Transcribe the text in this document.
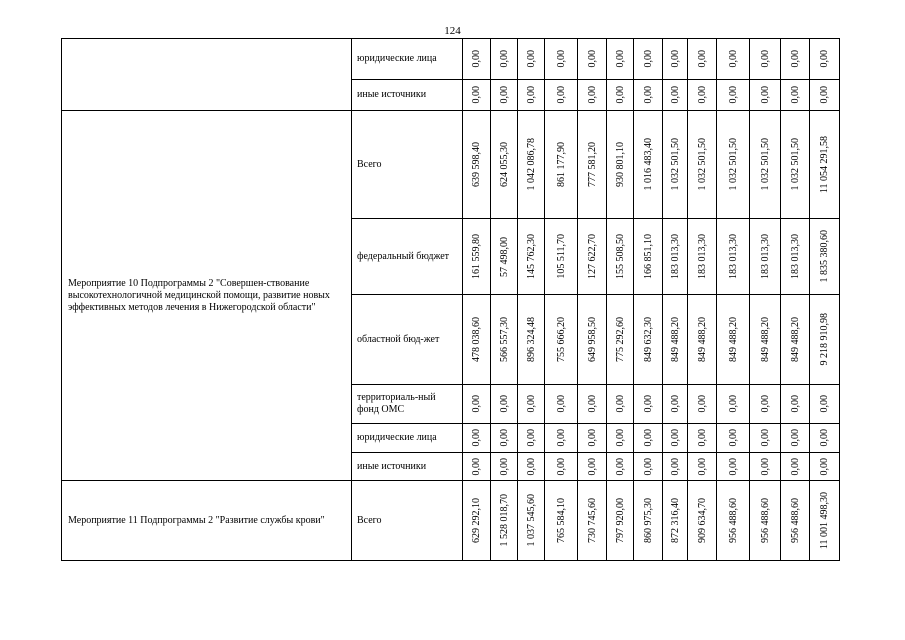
124
	юридические лица	0,00	0,00	0,00	0,00	0,00	0,00	0,00	0,00	0,00	0,00	0,00	0,00	0,00

	иные источники	0,00	0,00	0,00	0,00	0,00	0,00	0,00	0,00	0,00	0,00	0,00	0,00	0,00

Мероприятие 10 Подпрограммы 2 "Совершен-ствование высокотехнологичной медицинской помощи, развитие новых эффективных методов лечения в Нижегородской области"	Всего	639 598,40	624 055,30	1 042 086,78	861 177,90	777 581,20	930 801,10	1 016 483,40	1 032 501,50	1 032 501,50	1 032 501,50	1 032 501,50	1 032 501,50	11 054 291,58

	федеральный бюджет	161 559,80	57 498,00	145 762,30	105 511,70	127 622,70	155 508,50	166 851,10	183 013,30	183 013,30	183 013,30	183 013,30	183 013,30	1 835 380,60

	областной бюд-жет	478 038,60	566 557,30	896 324,48	755 666,20	649 958,50	775 292,60	849 632,30	849 488,20	849 488,20	849 488,20	849 488,20	849 488,20	9 218 910,98

	территориаль-ный фонд ОМС	0,00	0,00	0,00	0,00	0,00	0,00	0,00	0,00	0,00	0,00	0,00	0,00	0,00

	юридические лица	0,00	0,00	0,00	0,00	0,00	0,00	0,00	0,00	0,00	0,00	0,00	0,00	0,00

	иные источники	0,00	0,00	0,00	0,00	0,00	0,00	0,00	0,00	0,00	0,00	0,00	0,00	0,00

Мероприятие 11 Подпрограммы 2 "Развитие службы крови"	Всего	629 292,10	1 528 018,70	1 037 545,60	765 584,10	730 745,60	797 920,00	860 975,30	872 316,40	909 634,70	956 488,60	956 488,60	956 488,60	11 001 498,30
